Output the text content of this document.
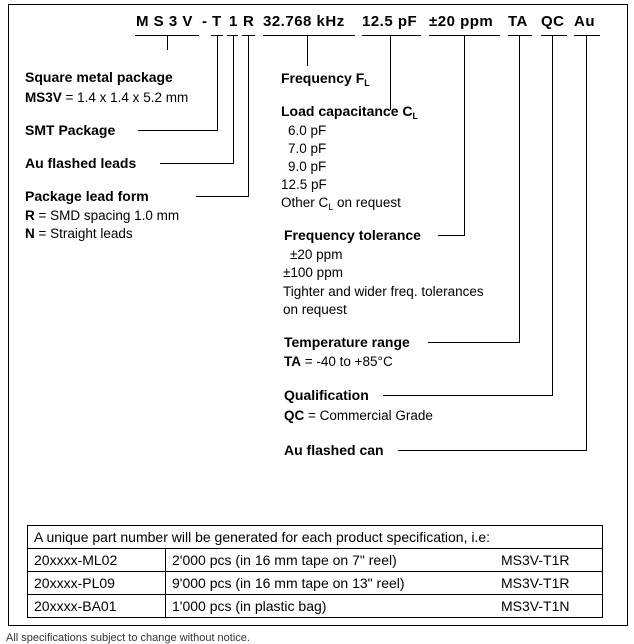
M S 3 V - T 1 R 32.768 kHz 12.5 pF ±20 ppm TA QC Au
Square metal package
MS3V = 1.4 x 1.4 x 5.2 mm
SMT Package
Au flashed leads
Package lead form
R = SMD spacing 1.0 mm
N = Straight leads
Frequency $F_L$
Load capacitance $C_L$
6.0 pF
7.0 pF
9.0 pF
12.5 pF
Other $C_L$ on request
Frequency tolerance
±20 ppm
±100 ppm
Tighter and wider freq. tolerances
on request
Temperature range
TA = -40 to +85°C
Qualification
QC = Commercial Grade
Au flashed can
A unique part number will be generated for each product specification, i.e:		
20xxxx-ML02	2'000 pcs (in 16 mm tape on 7" reel)	MS3V-T1R
20xxxx-PL09	9'000 pcs (in 16 mm tape on 13" reel)	MS3V-T1R
20xxxx-BA01	1'000 pcs (in plastic bag)	MS3V-T1N
All specifications subject to change without notice.
